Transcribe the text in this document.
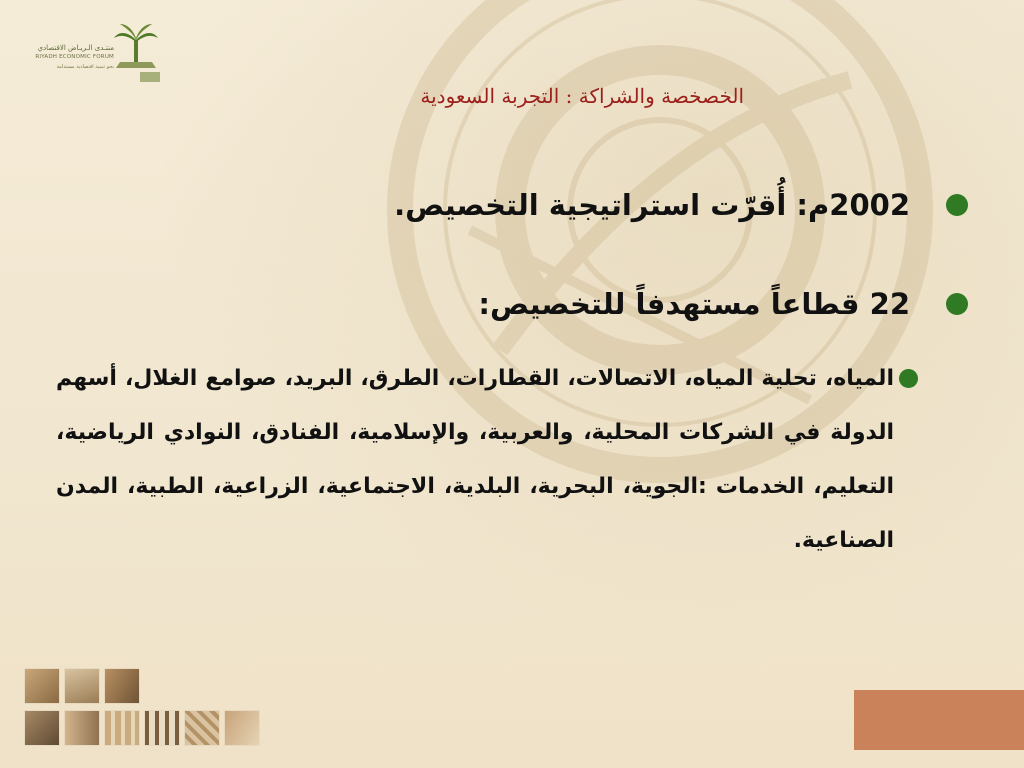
منتـدى الـريـاض الاقتصادي
RIYADH ECONOMIC FORUM
نحو تنمية اقتصادية مستدامة
الخصخصة والشراكة : التجربة السعودية
2002م: أُقرّت استراتيجية التخصيص.
22 قطاعاً مستهدفاً للتخصيص:
المياه، تحلية المياه، الاتصالات، القطارات، الطرق، البريد، صوامع الغلال، أسهم الدولة في الشركات المحلية، والعربية، والإسلامية، الفنادق، النوادي الرياضية، التعليم، الخدمات :الجوية، البحرية، البلدية، الاجتماعية، الزراعية، الطبية، المدن الصناعية.
